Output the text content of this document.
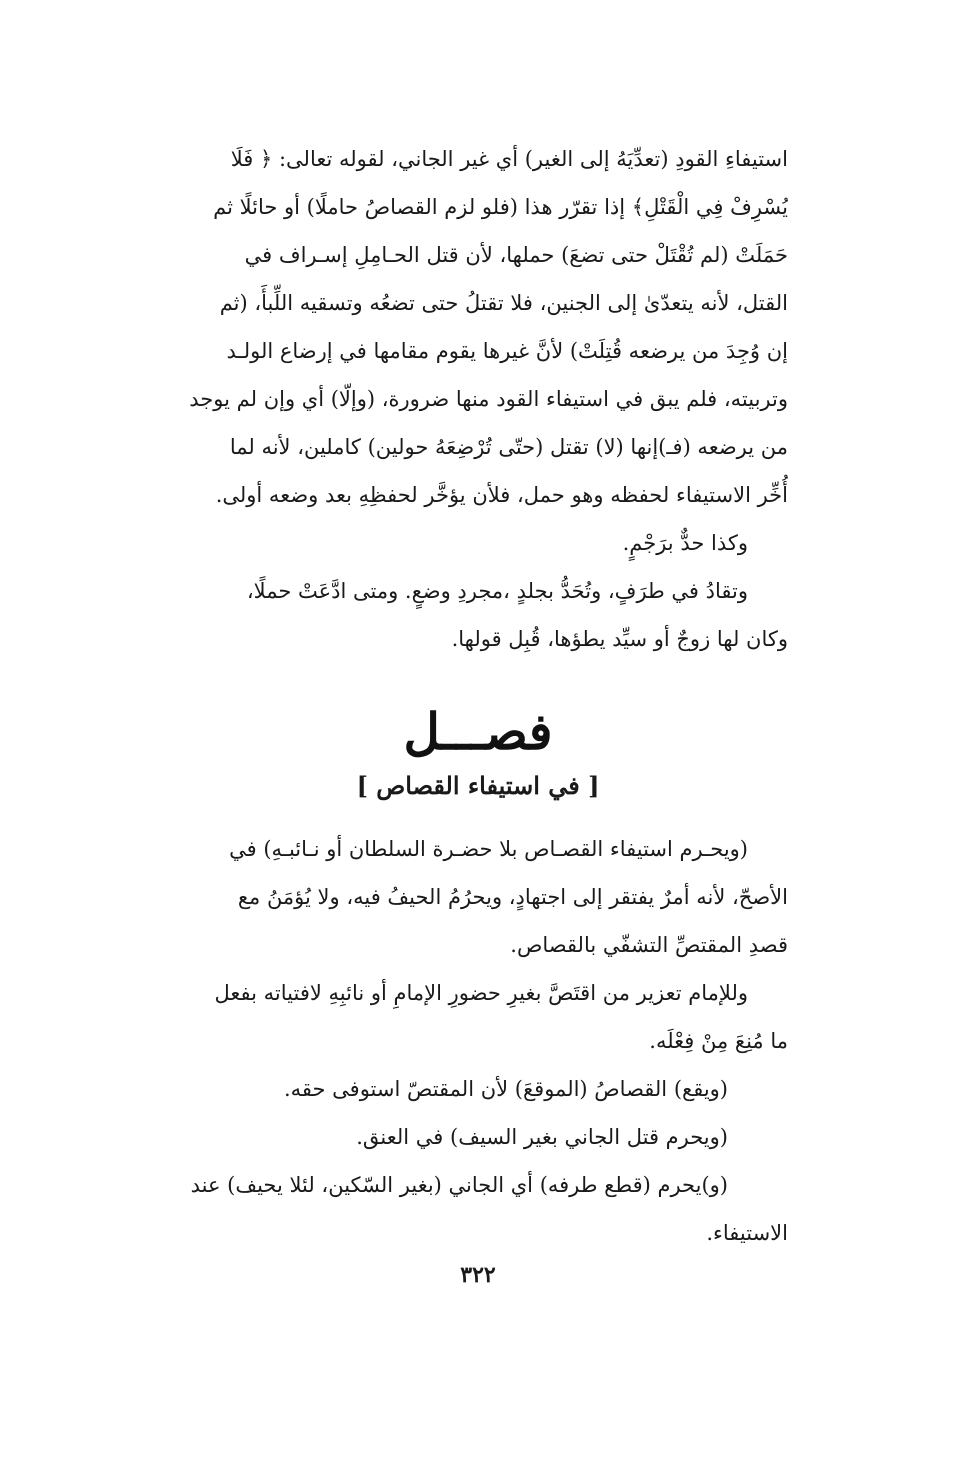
استيفاءِ القودِ (تعدِّيَهُ إلى الغير) أي غير الجاني، لقوله تعالى: ﴿ فَلَا
يُسْرِفْ فِي الْقَتْلِ﴾ إذا تقرّر هذا (فلو لزم القصاصُ حاملًا) أو حائلًا ثم
حَمَلَتْ (لم تُقْتَلْ حتى تضعَ) حملها، لأن قتل الحـامِلِ إسـراف في
القتل، لأنه يتعدّىٰ إلى الجنين، فلا تقتلُ حتى تضعُه وتسقيه اللِّبأَ، (ثم
إن وُجِدَ من يرضعه قُتِلَتْ) لأنَّ غيرها يقوم مقامها في إرضاع الولـد
وتربيته، فلم يبق في استيفاء القود منها ضرورة، (وإلّا) أي وإن لم يوجد
من يرضعه (فـ)إنها (لا) تقتل (حتّى تُرْضِعَهُ حولين) كاملين، لأنه لما
أُخِّر الاستيفاء لحفظه وهو حمل، فلأن يؤخَّر لحفظِهِ بعد وضعه أولى.
وكذا حدٌّ برَجْمٍ.
وتقادُ في طرَفٍ، وتُحَدُّ بجلدٍ ،مجردِ وضعٍ. ومتى ادَّعَتْ حملًا،
وكان لها زوجٌ أو سيِّد يطؤها، قُبِل قولها.
فصـــل
[ في استيفاء القصاص ]
(ويحـرم استيفاء القصـاص بلا حضـرة السلطان أو نـائبـهِ) في
الأصحّ، لأنه أمرٌ يفتقر إلى اجتهادٍ، ويحرُمُ الحيفُ فيه، ولا يُؤمَنُ مع
قصدِ المقتصِّ التشفّي بالقصاص.
وللإمام تعزير من اقتَصَّ بغيرِ حضورِ الإمامِ أو نائبِهِ لافتياته بفعل
ما مُنِعَ مِنْ فِعْلَه.
(ويقع) القصاصُ (الموقعَ) لأن المقتصّ استوفى حقه.
(ويحرم قتل الجاني بغير السيف) في العنق.
(و)يحرم (قطع طرفه) أي الجاني (بغير السّكين، لئلا يحيف) عند
الاستيفاء.
٣٢٢
